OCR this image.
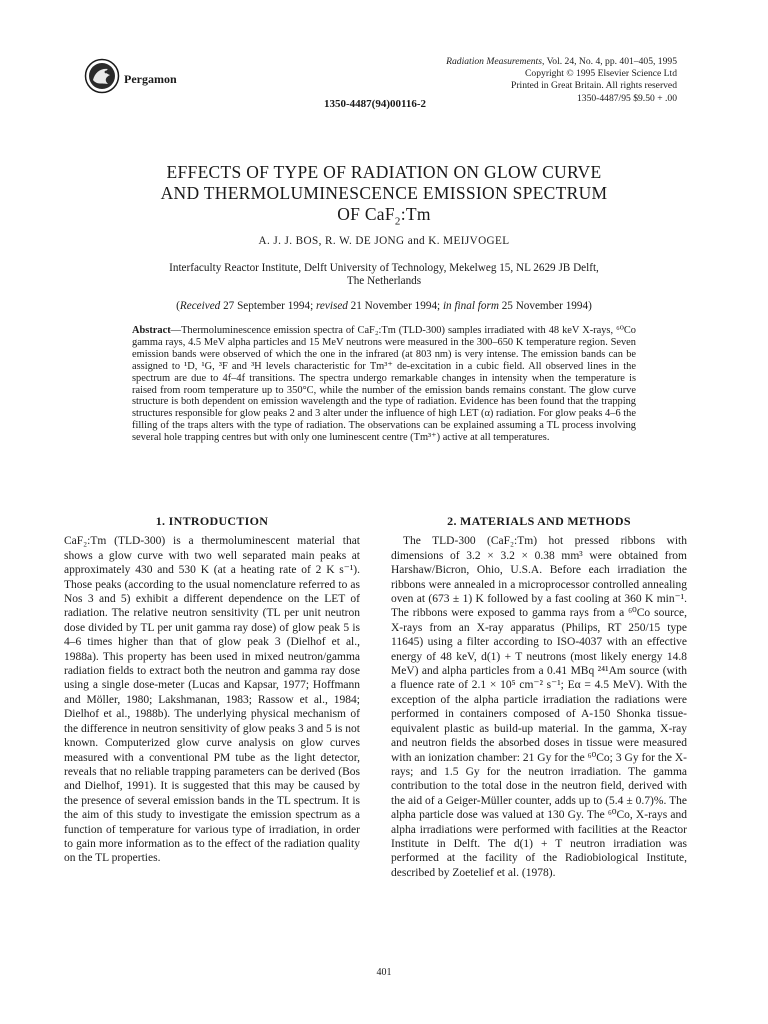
Pergamon
Radiation Measurements, Vol. 24, No. 4, pp. 401–405, 1995
Copyright © 1995 Elsevier Science Ltd
Printed in Great Britain. All rights reserved
1350-4487/95 $9.50 + .00
1350-4487(94)00116-2
EFFECTS OF TYPE OF RADIATION ON GLOW CURVE
AND THERMOLUMINESCENCE EMISSION SPECTRUM
OF CaF$_2$:Tm
A. J. J. BOS, R. W. DE JONG and K. MEIJVOGEL
Interfaculty Reactor Institute, Delft University of Technology, Mekelweg 15, NL 2629 JB Delft,
The Netherlands
(Received 27 September 1994; revised 21 November 1994; in final form 25 November 1994)
Abstract—Thermoluminescence emission spectra of CaF₂:Tm (TLD-300) samples irradiated with 48 keV X-rays, ⁶⁰Co gamma rays, 4.5 MeV alpha particles and 15 MeV neutrons were measured in the 300–650 K temperature region. Seven emission bands were observed of which the one in the infrared (at 803 nm) is very intense. The emission bands can be assigned to ¹D, ¹G, ³F and ³H levels characteristic for Tm³⁺ de-excitation in a cubic field. All observed lines in the spectrum are due to 4f–4f transitions. The spectra undergo remarkable changes in intensity when the temperature is raised from room temperature up to 350°C, while the number of the emission bands remains constant. The glow curve structure is both dependent on emission wavelength and the type of radiation. Evidence has been found that the trapping structures responsible for glow peaks 2 and 3 alter under the influence of high LET (α) radiation. For glow peaks 4–6 the filling of the traps alters with the type of radiation. The observations can be explained assuming a TL process involving several hole trapping centres but with only one luminescent centre (Tm³⁺) active at all temperatures.
1. INTRODUCTION

CaF₂:Tm (TLD-300) is a thermoluminescent material that shows a glow curve with two well separated main peaks at approximately 430 and 530 K (at a heating rate of 2 K s⁻¹). Those peaks (according to the usual nomenclature referred to as Nos 3 and 5) exhibit a different dependence on the LET of radiation. The relative neutron sensitivity (TL per unit neutron dose divided by TL per unit gamma ray dose) of glow peak 5 is 4–6 times higher than that of glow peak 3 (Dielhof et al., 1988a). This property has been used in mixed neutron/gamma radiation fields to extract both the neutron and gamma ray dose using a single dose-meter (Lucas and Kapsar, 1977; Hoffmann and Möller, 1980; Lakshmanan, 1983; Rassow et al., 1984; Dielhof et al., 1988b). The underlying physical mechanism of the difference in neutron sensitivity of glow peaks 3 and 5 is not known. Computerized glow curve analysis on glow curves measured with a conventional PM tube as the light detector, reveals that no reliable trapping parameters can be derived (Bos and Dielhof, 1991). It is suggested that this may be caused by the presence of several emission bands in the TL spectrum. It is the aim of this study to investigate the emission spectrum as a function of temperature for various type of irradiation, in order to gain more information as to the effect of the radiation quality on the TL properties.

2. MATERIALS AND METHODS

The TLD-300 (CaF₂:Tm) hot pressed ribbons with dimensions of 3.2 × 3.2 × 0.38 mm³ were obtained from Harshaw/Bicron, Ohio, U.S.A. Before each irradiation the ribbons were annealed in a microprocessor controlled annealing oven at (673 ± 1) K followed by a fast cooling at 360 K min⁻¹. The ribbons were exposed to gamma rays from a ⁶⁰Co source, X-rays from an X-ray apparatus (Philips, RT 250/15 type 11645) using a filter according to ISO-4037 with an effective energy of 48 keV, d(1) + T neutrons (most likely energy 14.8 MeV) and alpha particles from a 0.41 MBq ²⁴¹Am source (with a fluence rate of 2.1 × 10⁵ cm⁻² s⁻¹; Eα = 4.5 MeV). With the exception of the alpha particle irradiation the radiations were performed in containers composed of A-150 Shonka tissue-equivalent plastic as build-up material. In the gamma, X-ray and neutron fields the absorbed doses in tissue were measured with an ionization chamber: 21 Gy for the ⁶⁰Co; 3 Gy for the X-rays; and 1.5 Gy for the neutron irradiation. The gamma contribution to the total dose in the neutron field, derived with the aid of a Geiger-Müller counter, adds up to (5.4 ± 0.7)%. The alpha particle dose was valued at 130 Gy. The ⁶⁰Co, X-rays and alpha irradiations were performed with facilities at the Reactor Institute in Delft. The d(1) + T neutron irradiation was performed at the facility of the Radiobiological Institute, described by Zoetelief et al. (1978).

401
